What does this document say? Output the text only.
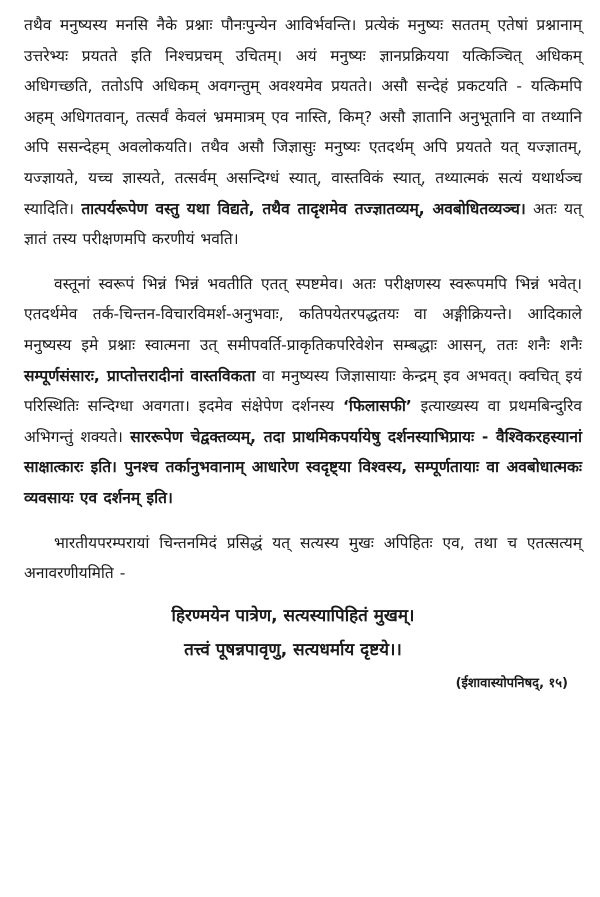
तथैव मनुष्यस्य मनसि नैके प्रश्नाः पौनःपुन्येन आविर्भवन्ति। प्रत्येकं मनुष्यः सततम् एतेषां प्रश्नानाम् उत्तरेभ्यः प्रयतते इति निश्चप्रचम् उचितम्। अयं मनुष्यः ज्ञानप्रक्रियया यत्किञ्चित् अधिकम् अधिगच्छति, ततोऽपि अधिकम् अवगन्तुम् अवश्यमेव प्रयतते। असौ सन्देहं प्रकटयति - यत्किमपि अहम् अधिगतवान्, तत्सर्वं केवलं भ्रममात्रम् एव नास्ति, किम्? असौ ज्ञातानि अनुभूतानि वा तथ्यानि अपि ससन्देहम् अवलोकयति। तथैव असौ जिज्ञासुः मनुष्यः एतदर्थम् अपि प्रयतते यत् यज्ज्ञातम्, यज्ज्ञायते, यच्च ज्ञास्यते, तत्सर्वम् असन्दिग्धं स्यात्, वास्तविकं स्यात्, तथ्यात्मकं सत्यं यथार्थञ्च स्यादिति। तात्पर्यरूपेण वस्तु यथा विद्यते, तथैव तादृशमेव तज्ज्ञातव्यम्, अवबोधितव्यञ्च। अतः यत् ज्ञातं तस्य परीक्षणमपि करणीयं भवति।

वस्तूनां स्वरूपं भिन्नं भिन्नं भवतीति एतत् स्पष्टमेव। अतः परीक्षणस्य स्वरूपमपि भिन्नं भवेत्। एतदर्थमेव तर्क-चिन्तन-विचारविमर्श-अनुभवाः, कतिपयेतरपद्धतयः वा अङ्गीक्रियन्ते। आदिकाले मनुष्यस्य इमे प्रश्नाः स्वात्मना उत् समीपवर्ति-प्राकृतिकपरिवेशेन सम्बद्धाः आसन्, ततः शनैः शनैः सम्पूर्णसंसारः, प्राप्तोत्तरादीनां वास्तविकता वा मनुष्यस्य जिज्ञासायाः केन्द्रम् इव अभवत्। क्वचित् इयं परिस्थितिः सन्दिग्धा अवगता। इदमेव संक्षेपेण दर्शनस्य ‘फिलासफी’ इत्याख्यस्य वा प्रथमबिन्दुरिव अभिगन्तुं शक्यते। साररूपेण चेद्वक्तव्यम्, तदा प्राथमिकपर्यायेषु दर्शनस्याभिप्रायः - वैश्विकरहस्यानां साक्षात्कारः इति। पुनश्च तर्कानुभवानाम् आधारेण स्वदृष्ट्या विश्वस्य, सम्पूर्णतायाः वा अवबोधात्मकः व्यवसायः एव दर्शनम् इति।

भारतीयपरम्परायां चिन्तनमिदं प्रसिद्धं यत् सत्यस्य मुखः अपिहितः एव, तथा च एतत्सत्यम् अनावरणीयमिति -

हिरण्मयेन पात्रेण, सत्यस्यापिहितं मुखम्।
तत्त्वं पूषन्नपावृणु, सत्यधर्माय दृष्टये।।
(ईशावास्योपनिषद्, १५)
